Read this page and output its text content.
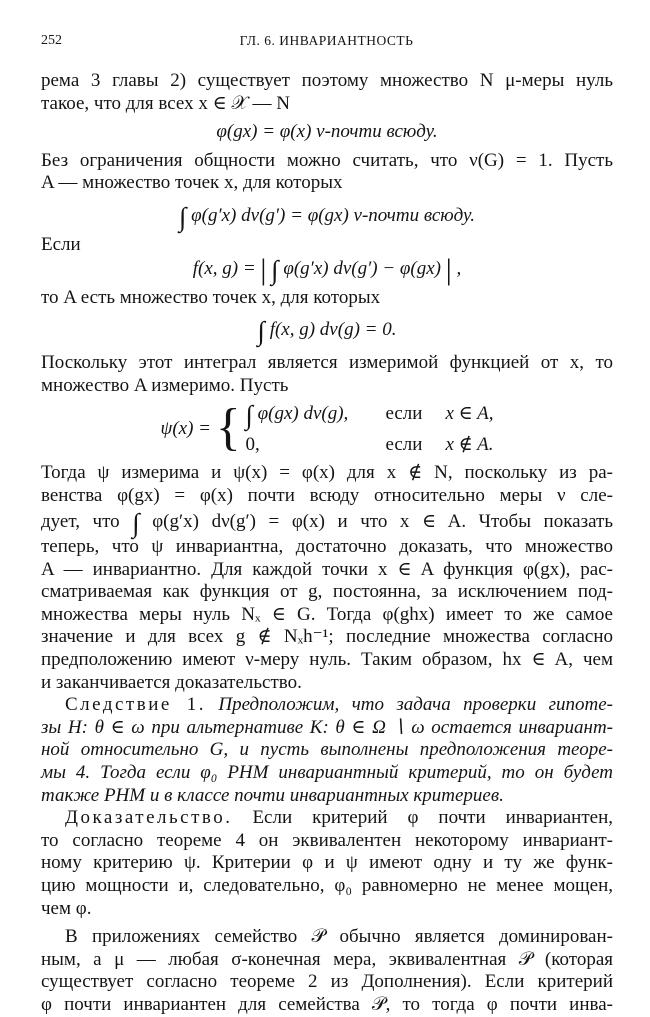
252	ГЛ. 6. ИНВАРИАНТНОСТЬ
рема 3 главы 2) существует поэтому множество N μ-меры нуль
такое, что для всех x ∈ 𝒳 — N
φ(gx) = φ(x) ν-почти всюду.
Без ограничения общности можно считать, что ν(G) = 1. Пусть
A — множество точек x, для которых
∫ φ(g′x) dν(g′) = φ(gx) ν-почти всюду.
Если
f(x, g) = | ∫ φ(g′x) dν(g′) − φ(gx) | ,
то A есть множество точек x, для которых
∫ f(x, g) dν(g) = 0.
Поскольку этот интеграл является измеримой функцией от x, то
множество A измеримо. Пусть
ψ(x) = { ∫ φ(gx) dν(g),	если	x ∈ A,
0,	если	x ∉ A.
Тогда ψ измерима и ψ(x) = φ(x) для x ∉ N, поскольку из ра-
венства φ(gx) = φ(x) почти всюду относительно меры ν сле-
дует, что ∫ φ(g′x) dν(g′) = φ(x) и что x ∈ A. Чтобы показать
теперь, что ψ инвариантна, достаточно доказать, что множество
A — инвариантно. Для каждой точки x ∈ A функция φ(gx), рас-
сматриваемая как функция от g, постоянна, за исключением под-
множества меры нуль Nₓ ∈ G. Тогда φ(ghx) имеет то же самое
значение и для всех g ∉ Nₓh⁻¹; последние множества согласно
предположению имеют ν-меру нуль. Таким образом, hx ∈ A, чем
и заканчивается доказательство.
Следствие 1. Предположим, что задача проверки гипоте-
зы H: θ ∈ ω при альтернативе K: θ ∈ Ω ∖ ω остается инвариант-
ной относительно G, и пусть выполнены предположения теоре-
мы 4. Тогда если φ₀ РНМ инвариантный критерий, то он будет
также РНМ и в классе почти инвариантных критериев.
Доказательство. Если критерий φ почти инвариантен,
то согласно теореме 4 он эквивалентен некоторому инвариант-
ному критерию ψ. Критерии φ и ψ имеют одну и ту же функ-
цию мощности и, следовательно, φ₀ равномерно не менее мощен,
чем φ.
В приложениях семейство 𝒫 обычно является доминирован-
ным, а μ — любая σ-конечная мера, эквивалентная 𝒫 (которая
существует согласно теореме 2 из Дополнения). Если критерий
φ почти инвариантен для семейства 𝒫, то тогда φ почти инва-
